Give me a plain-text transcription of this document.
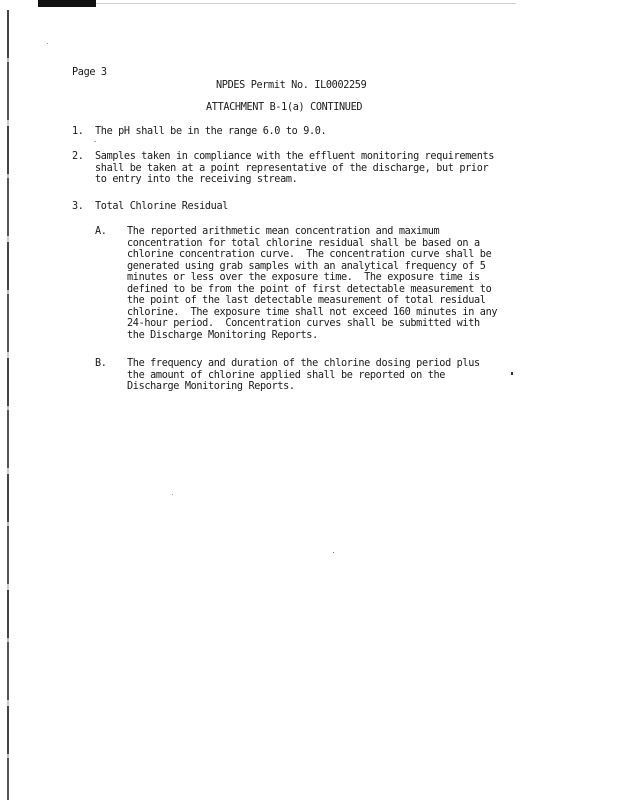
Page 3
NPDES Permit No. IL0002259
ATTACHMENT B-1(a) CONTINUED
1. The pH shall be in the range 6.0 to 9.0.
2. Samples taken in compliance with the effluent monitoring requirements
shall be taken at a point representative of the discharge, but prior
to entry into the receiving stream.
3. Total Chlorine Residual
A. The reported arithmetic mean concentration and maximum
concentration for total chlorine residual shall be based on a
chlorine concentration curve.  The concentration curve shall be
generated using grab samples with an analytical frequency of 5
minutes or less over the exposure time.  The exposure time is
defined to be from the point of first detectable measurement to
the point of the last detectable measurement of total residual
chlorine.  The exposure time shall not exceed 160 minutes in any
24-hour period.  Concentration curves shall be submitted with
the Discharge Monitoring Reports.
B. The frequency and duration of the chlorine dosing period plus
the amount of chlorine applied shall be reported on the
Discharge Monitoring Reports.
